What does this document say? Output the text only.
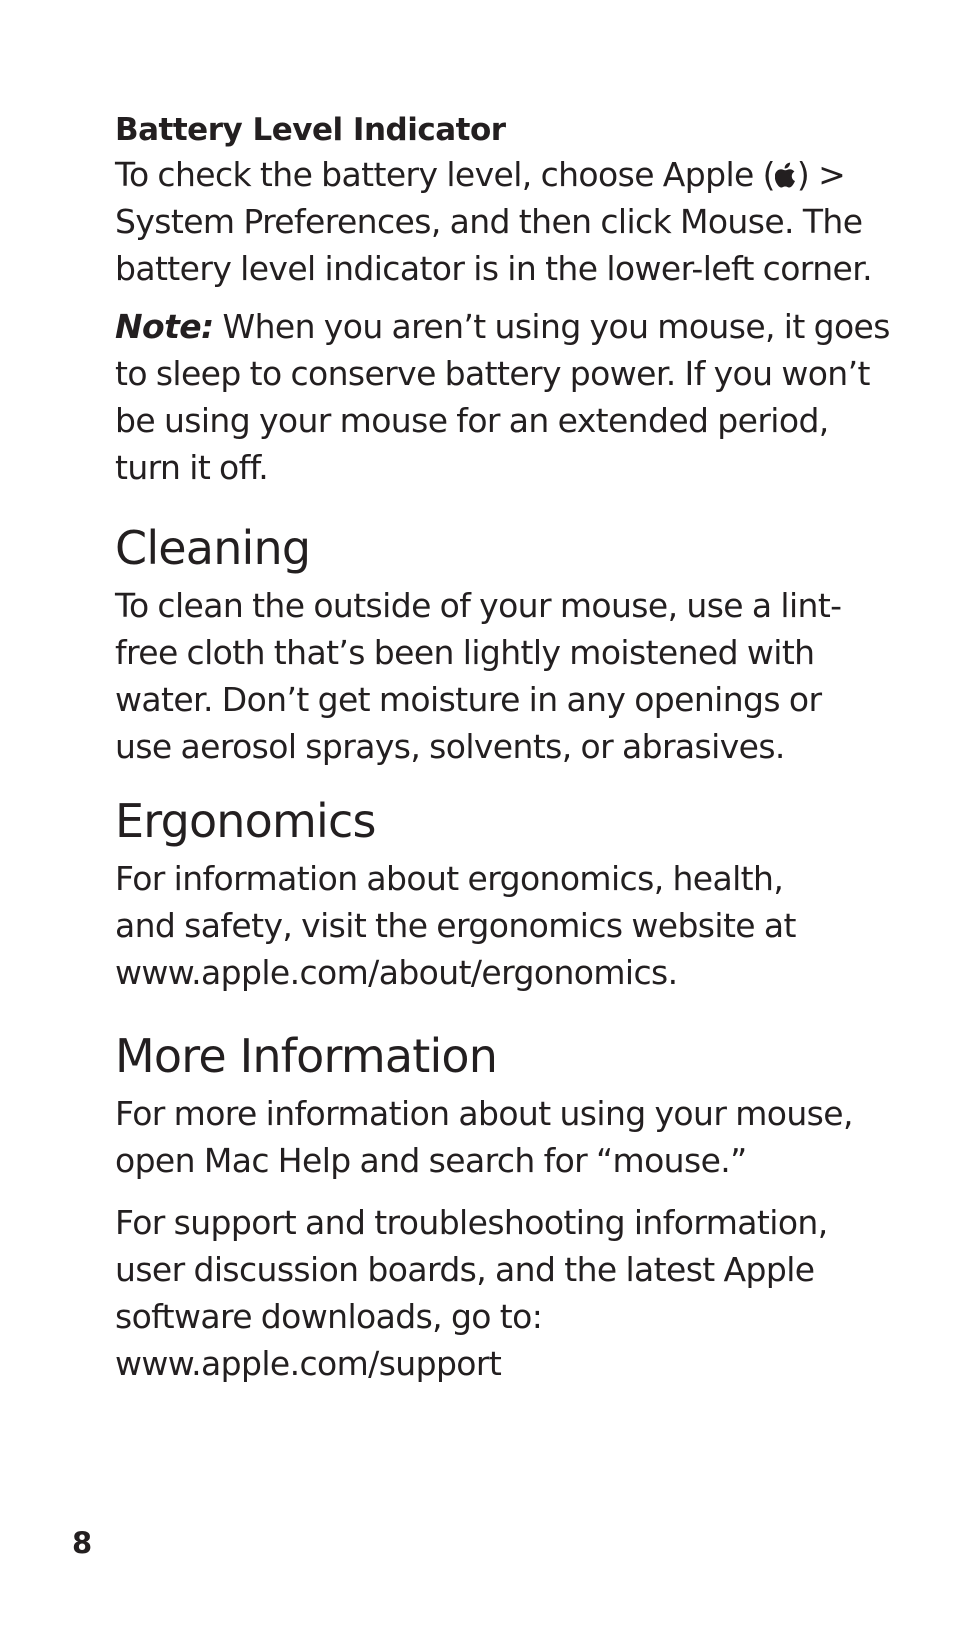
Battery Level Indicator
To check the battery level, choose Apple ( ) >
System Preferences, and then click Mouse. The
battery level indicator is in the lower-left corner.
Note: When you aren’t using you mouse, it goes
to sleep to conserve battery power. If you won’t
be using your mouse for an extended period,
turn it off.
Cleaning
To clean the outside of your mouse, use a lint-
free cloth that’s been lightly moistened with
water. Don’t get moisture in any openings or
use aerosol sprays, solvents, or abrasives.
Ergonomics
For information about ergonomics, health,
and safety, visit the ergonomics website at
www.apple.com/about/ergonomics.
More Information
For more information about using your mouse,
open Mac Help and search for “mouse.”
For support and troubleshooting information,
user discussion boards, and the latest Apple
software downloads, go to:
www.apple.com/support
8
